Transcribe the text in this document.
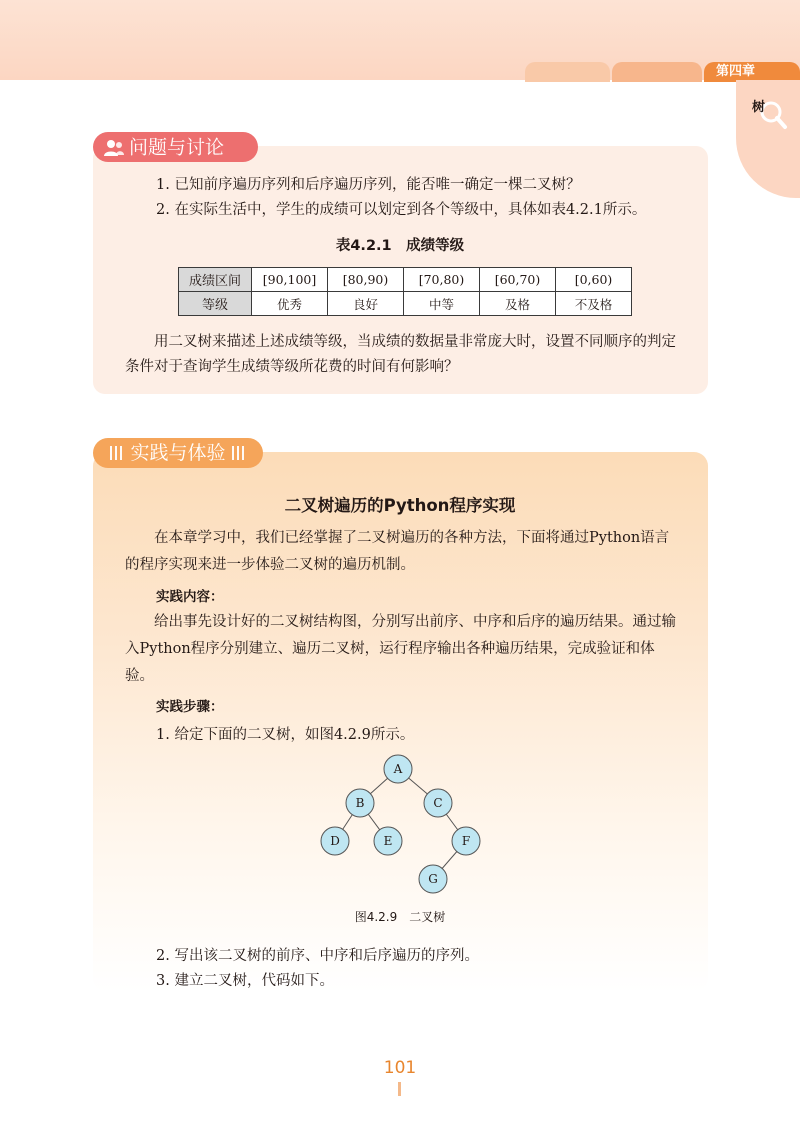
第四章
树
问题与讨论
1. 已知前序遍历序列和后序遍历序列，能否唯一确定一棵二叉树？
2. 在实际生活中，学生的成绩可以划定到各个等级中，具体如表4.2.1所示。
表4.2.1　成绩等级
成绩区间	[90,100]	[80,90)	[70,80)	[60,70)	[0,60)
等级	优秀	良好	中等	及格	不及格
用二叉树来描述上述成绩等级，当成绩的数据量非常庞大时，设置不同顺序的判定条件对于查询学生成绩等级所花费的时间有何影响？
实践与体验
二叉树遍历的Python程序实现
在本章学习中，我们已经掌握了二叉树遍历的各种方法，下面将通过Python语言的程序实现来进一步体验二叉树的遍历机制。
实践内容：
给出事先设计好的二叉树结构图，分别写出前序、中序和后序的遍历结果。通过输入Python程序分别建立、遍历二叉树，运行程序输出各种遍历结果，完成验证和体验。
实践步骤：
1. 给定下面的二叉树，如图4.2.9所示。
A
B	C
D	E	F
G
图4.2.9　二叉树
2. 写出该二叉树的前序、中序和后序遍历的序列。
3. 建立二叉树，代码如下。
101
